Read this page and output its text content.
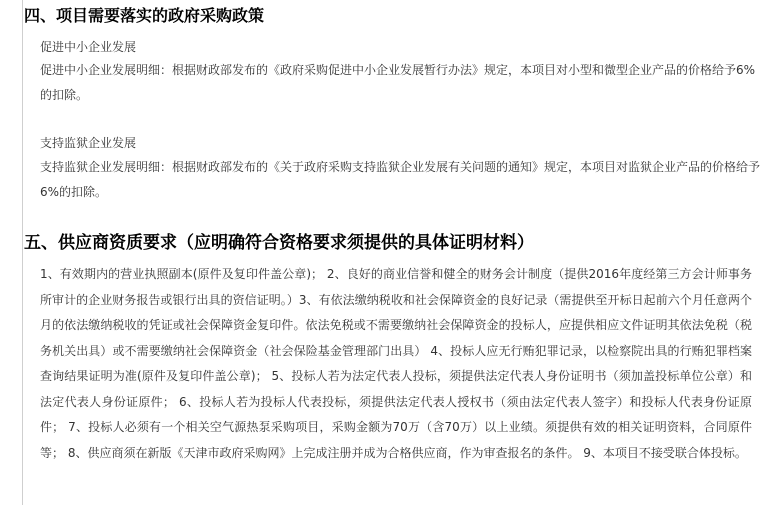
四、项目需要落实的政府采购政策

促进中小企业发展

促进中小企业发展明细：根据财政部发布的《政府采购促进中小企业发展暂行办法》规定，本项目对小型和微型企业产品的价格给予6%的扣除。

支持监狱企业发展

支持监狱企业发展明细：根据财政部发布的《关于政府采购支持监狱企业发展有关问题的通知》规定，本项目对监狱企业产品的价格给予6%的扣除。

五、供应商资质要求（应明确符合资格要求须提供的具体证明材料）
1、有效期内的营业执照副本(原件及复印件盖公章)； 2、良好的商业信誉和健全的财务会计制度（提供2016年度经第三方会计师事务所审计的企业财务报告或银行出具的资信证明。）3、有依法缴纳税收和社会保障资金的良好记录（需提供至开标日起前六个月任意两个月的依法缴纳税收的凭证或社会保障资金复印件。依法免税或不需要缴纳社会保障资金的投标人，应提供相应文件证明其依法免税（税务机关出具）或不需要缴纳社会保障资金（社会保险基金管理部门出具） 4、投标人应无行贿犯罪记录，以检察院出具的行贿犯罪档案查询结果证明为准(原件及复印件盖公章)； 5、投标人若为法定代表人投标，须提供法定代表人身份证明书（须加盖投标单位公章）和法定代表人身份证原件； 6、投标人若为投标人代表投标，须提供法定代表人授权书（须由法定代表人签字）和投标人代表身份证原件； 7、投标人必须有一个相关空气源热泵采购项目，采购金额为70万（含70万）以上业绩。须提供有效的相关证明资料，合同原件等； 8、供应商须在新版《天津市政府采购网》上完成注册并成为合格供应商，作为审查报名的条件。 9、本项目不接受联合体投标。
